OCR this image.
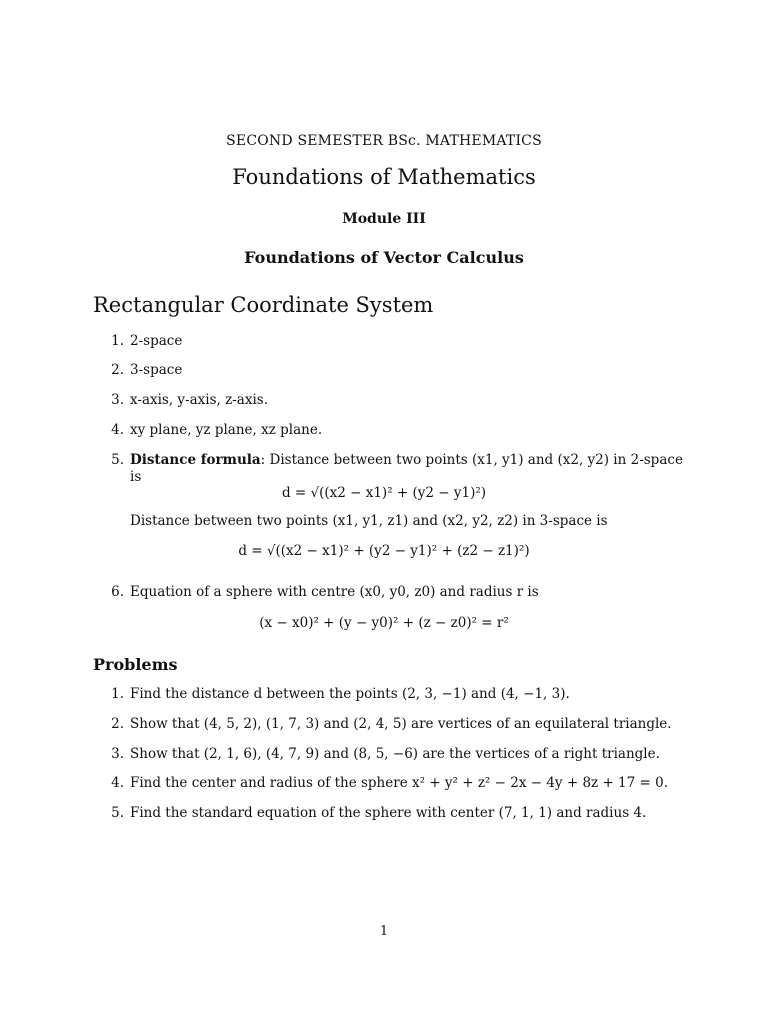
SECOND SEMESTER BSc. MATHEMATICS
Foundations of Mathematics
Module III
Foundations of Vector Calculus
Rectangular Coordinate System
1. 2-space
2. 3-space
3. x-axis, y-axis, z-axis.
4. xy plane, yz plane, xz plane.
5. Distance formula: Distance between two points (x1, y1) and (x2, y2) in 2-space
is
d = √((x2 − x1)² + (y2 − y1)²)
Distance between two points (x1, y1, z1) and (x2, y2, z2) in 3-space is
d = √((x2 − x1)² + (y2 − y1)² + (z2 − z1)²)
6. Equation of a sphere with centre (x0, y0, z0) and radius r is
(x − x0)² + (y − y0)² + (z − z0)² = r²
Problems
1. Find the distance d between the points (2, 3, −1) and (4, −1, 3).
2. Show that (4, 5, 2), (1, 7, 3) and (2, 4, 5) are vertices of an equilateral triangle.
3. Show that (2, 1, 6), (4, 7, 9) and (8, 5, −6) are the vertices of a right triangle.
4. Find the center and radius of the sphere x² + y² + z² − 2x − 4y + 8z + 17 = 0.
5. Find the standard equation of the sphere with center (7, 1, 1) and radius 4.
1
